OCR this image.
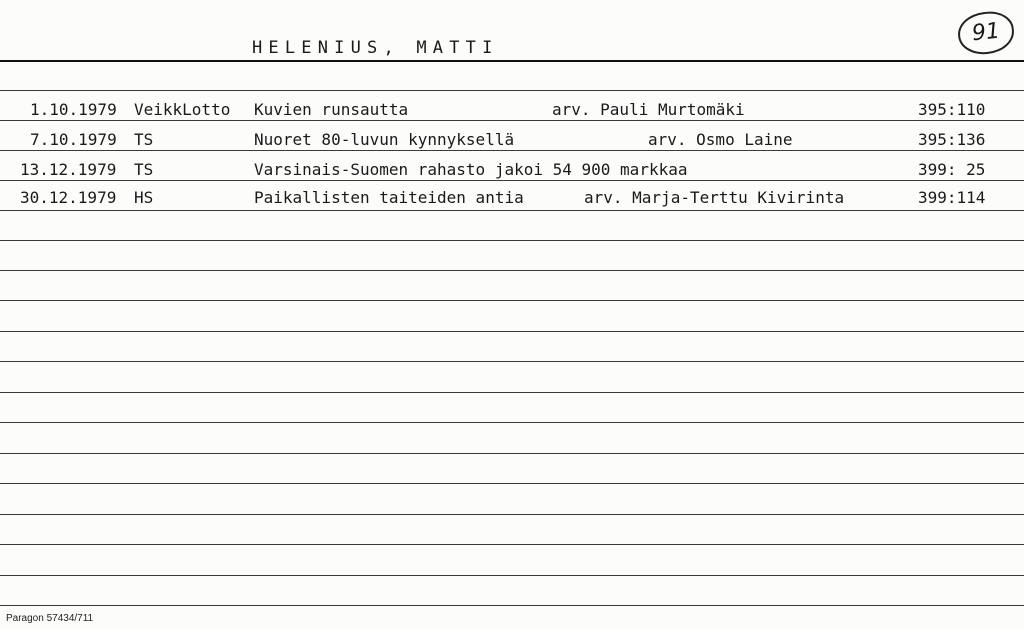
HELENIUS, MATTI
91
1.10.1979 VeikkLotto Kuvien runsautta	arv. Pauli Murtomäki	395:110
7.10.1979 TS	Nuoret 80-luvun kynnyksellä	arv. Osmo Laine	395:136
13.12.1979 TS	Varsinais-Suomen rahasto jakoi 54 900 markkaa	399: 25
30.12.1979 HS	Paikallisten taiteiden antia	arv. Marja-Terttu Kivirinta	399:114
Paragon 57434/711
